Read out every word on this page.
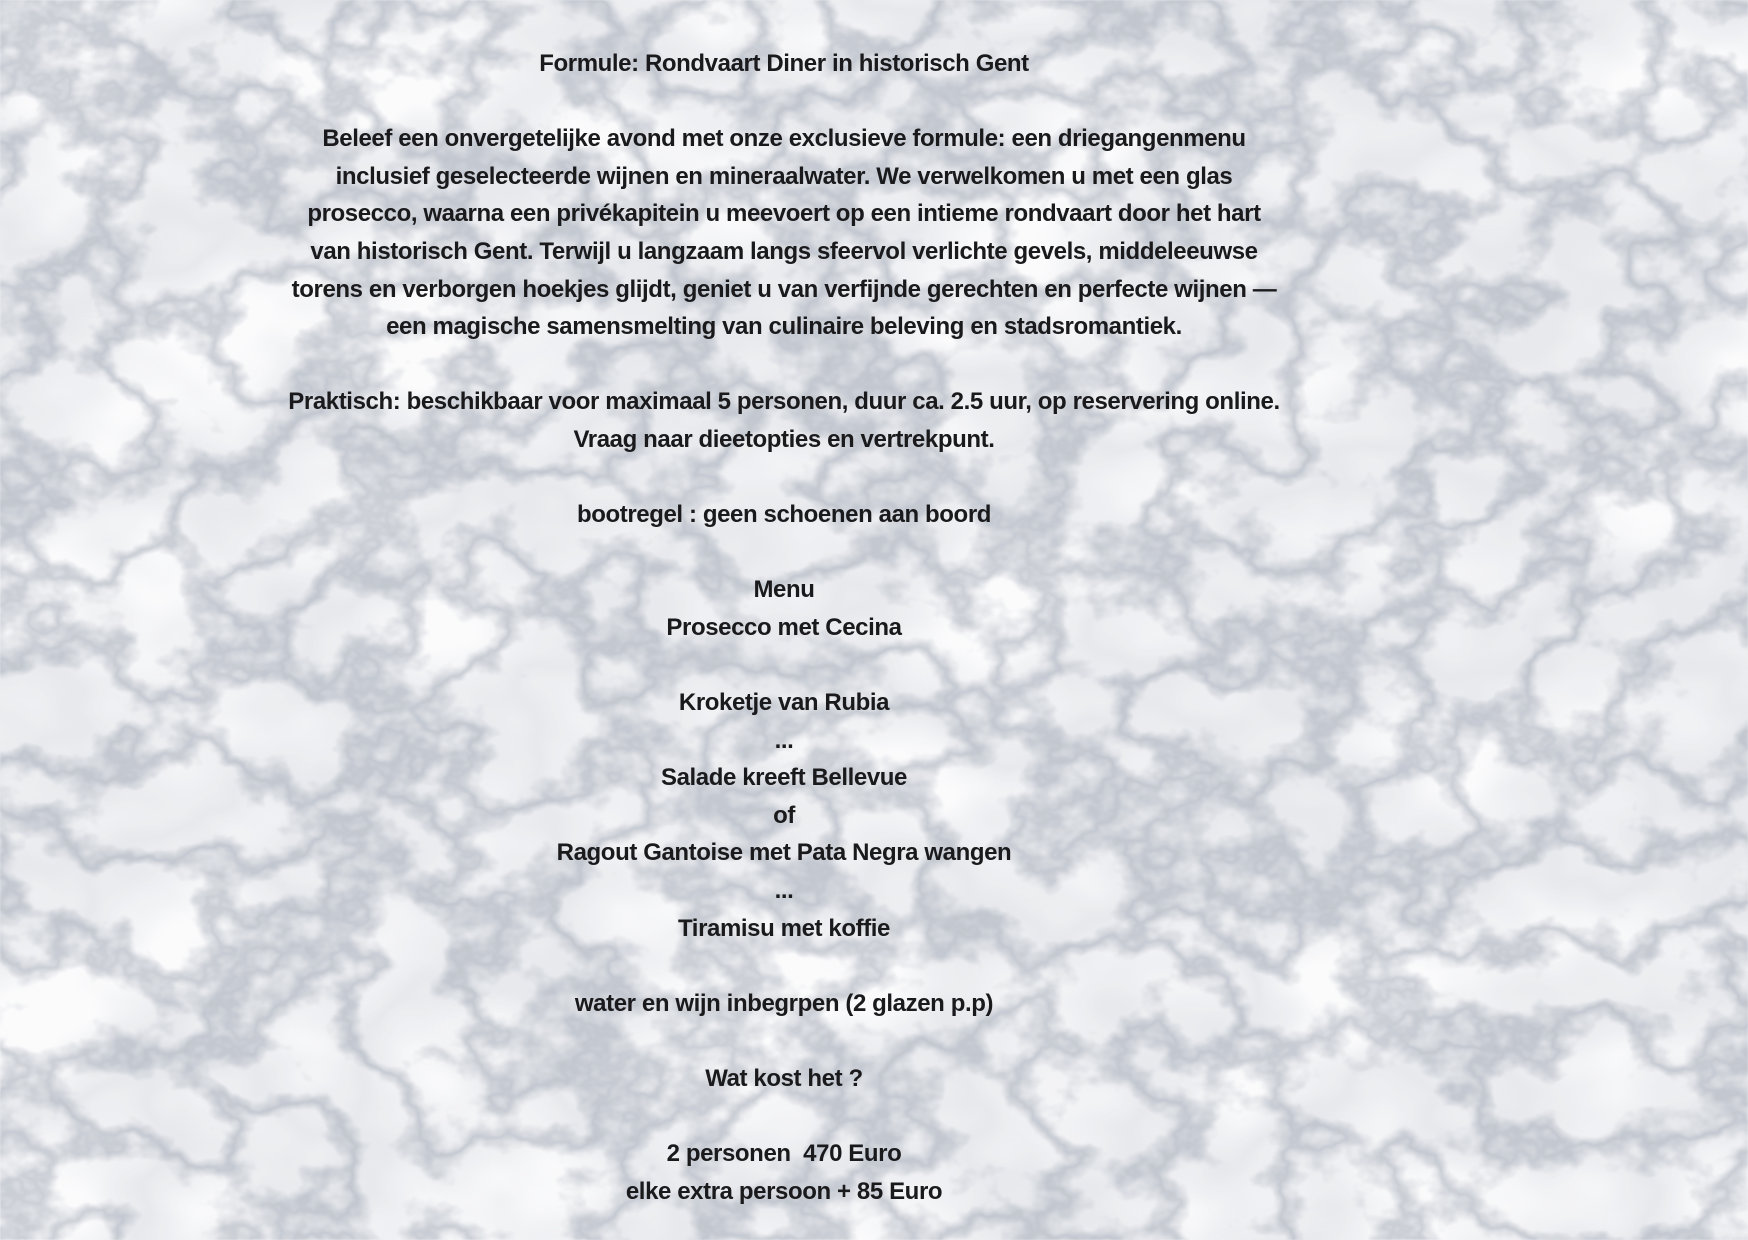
Formule: Rondvaart Diner in historisch Gent
Beleef een onvergetelijke avond met onze exclusieve formule: een driegangenmenu
inclusief geselecteerde wijnen en mineraalwater. We verwelkomen u met een glas
prosecco, waarna een privékapitein u meevoert op een intieme rondvaart door het hart
van historisch Gent. Terwijl u langzaam langs sfeervol verlichte gevels, middeleeuwse
torens en verborgen hoekjes glijdt, geniet u van verfijnde gerechten en perfecte wijnen —
een magische samensmelting van culinaire beleving en stadsromantiek.
Praktisch: beschikbaar voor maximaal 5 personen, duur ca. 2.5 uur, op reservering online.
Vraag naar dieetopties en vertrekpunt.
bootregel : geen schoenen aan boord
Menu
Prosecco met Cecina
Kroketje van Rubia
...
Salade kreeft Bellevue
of
Ragout Gantoise met Pata Negra wangen
...
Tiramisu met koffie
water en wijn inbegrpen (2 glazen p.p)
Wat kost het ?
2 personen  470 Euro
elke extra persoon + 85 Euro
